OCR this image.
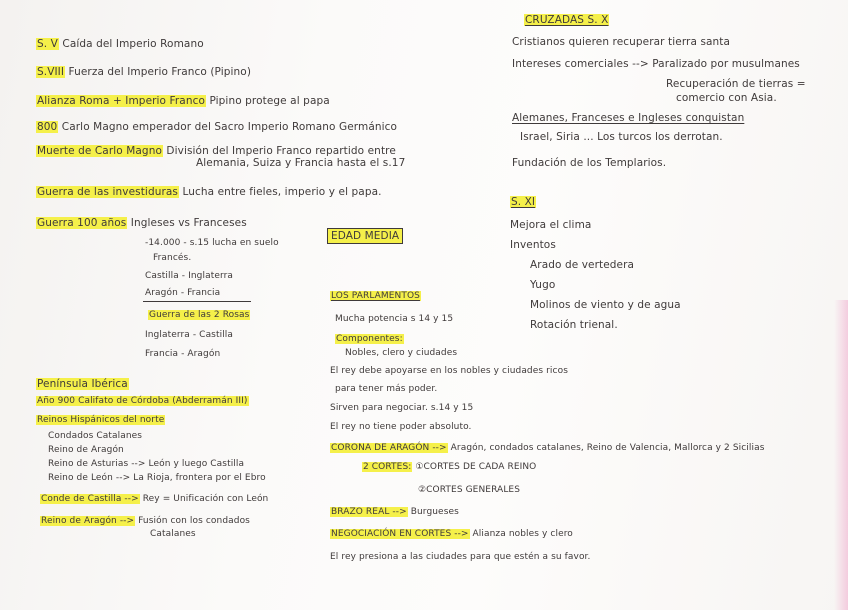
S. V Caída del Imperio Romano
S.VIII Fuerza del Imperio Franco (Pipino)
Alianza Roma + Imperio Franco Pipino protege al papa
800 Carlo Magno emperador del Sacro Imperio Romano Germánico
Muerte de Carlo Magno División del Imperio Franco repartido entre
Alemania, Suiza y Francia hasta el s.17
Guerra de las investiduras Lucha entre fieles, imperio y el papa.
Guerra 100 años Ingleses vs Franceses
-14.000 - s.15 lucha en suelo
Francés.
Castilla - Inglaterra
Aragón - Francia
Guerra de las 2 Rosas
Inglaterra - Castilla
Francia - Aragón
Península Ibérica
Año 900 Califato de Córdoba (Abderramán III)
Reinos Hispánicos del norte
Condados Catalanes
Reino de Aragón
Reino de Asturias --> León y luego Castilla
Reino de León --> La Rioja, frontera por el Ebro
Conde de Castilla --> Rey = Unificación con León
Reino de Aragón --> Fusión con los condados
Catalanes
EDAD MEDIA
LOS PARLAMENTOS
Mucha potencia s 14 y 15
Componentes:
Nobles, clero y ciudades
El rey debe apoyarse en los nobles y ciudades ricos
para tener más poder.
Sirven para negociar. s.14 y 15
El rey no tiene poder absoluto.
CORONA DE ARAGÓN --> Aragón, condados catalanes, Reino de Valencia, Mallorca y 2 Sicilias
2 CORTES: ①CORTES DE CADA REINO
②CORTES GENERALES
BRAZO REAL --> Burgueses
NEGOCIACIÓN EN CORTES --> Alianza nobles y clero
El rey presiona a las ciudades para que estén a su favor.
CRUZADAS S. X
Cristianos quieren recuperar tierra santa
Intereses comerciales --> Paralizado por musulmanes
Recuperación de tierras =
comercio con Asia.
Alemanes, Franceses e Ingleses conquistan
Israel, Siria ... Los turcos los derrotan.
Fundación de los Templarios.
S. XI
Mejora el clima
Inventos
Arado de vertedera
Yugo
Molinos de viento y de agua
Rotación trienal.
